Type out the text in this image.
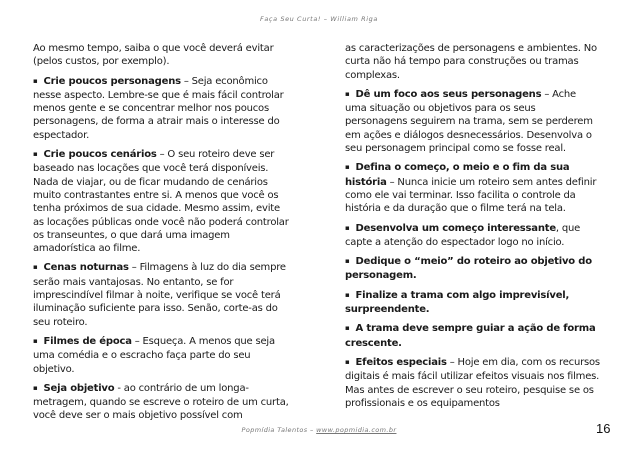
Faça Seu Curta! – William Riga
Ao mesmo tempo, saiba o que você deverá evitar (pelos custos, por exemplo).
▪ Crie poucos personagens – Seja econômico nesse aspecto. Lembre-se que é mais fácil controlar menos gente e se concentrar melhor nos poucos personagens, de forma a atrair mais o interesse do espectador.
▪ Crie poucos cenários – O seu roteiro deve ser baseado nas locações que você terá disponíveis. Nada de viajar, ou de ficar mudando de cenários muito contrastantes entre si. A menos que você os tenha próximos de sua cidade. Mesmo assim, evite as locações públicas onde você não poderá controlar os transeuntes, o que dará uma imagem amadorística ao filme.
▪ Cenas noturnas – Filmagens à luz do dia sempre serão mais vantajosas. No entanto, se for imprescindível filmar à noite, verifique se você terá iluminação suficiente para isso. Senão, corte-as do seu roteiro.
▪ Filmes de época – Esqueça. A menos que seja uma comédia e o escracho faça parte do seu objetivo.
▪ Seja objetivo - ao contrário de um longa-metragem, quando se escreve o roteiro de um curta, você deve ser o mais objetivo possível com
as caracterizações de personagens e ambientes. No curta não há tempo para construções ou tramas complexas.
▪ Dê um foco aos seus personagens – Ache uma situação ou objetivos para os seus personagens seguirem na trama, sem se perderem em ações e diálogos desnecessários. Desenvolva o seu personagem principal como se fosse real.
▪ Defina o começo, o meio e o fim da sua história – Nunca inicie um roteiro sem antes definir como ele vai terminar. Isso facilita o controle da história e da duração que o filme terá na tela.
▪ Desenvolva um começo interessante, que capte a atenção do espectador logo no início.
▪ Dedique o “meio” do roteiro ao objetivo do personagem.
▪ Finalize a trama com algo imprevisível, surpreendente.
▪ A trama deve sempre guiar a ação de forma crescente.
▪ Efeitos especiais – Hoje em dia, com os recursos digitais é mais fácil utilizar efeitos visuais nos filmes. Mas antes de escrever o seu roteiro, pesquise se os profissionais e os equipamentos
Popmídia Talentos – www.popmidia.com.br	16
